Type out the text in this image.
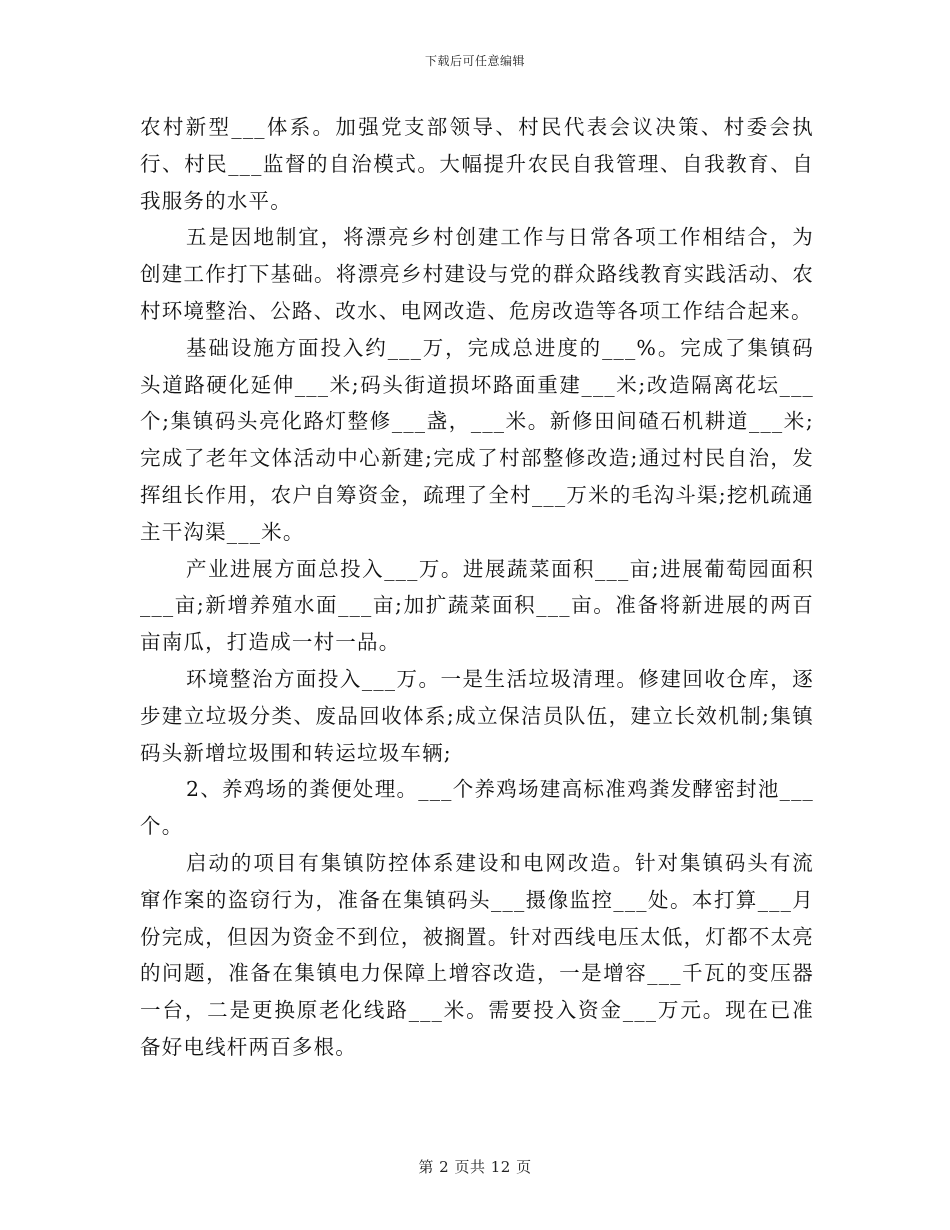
下载后可任意编辑

农村新型___体系。加强党支部领导、村民代表会议决策、村委会执行、村民___监督的自治模式。大幅提升农民自我管理、自我教育、自我服务的水平。

五是因地制宜，将漂亮乡村创建工作与日常各项工作相结合，为创建工作打下基础。将漂亮乡村建设与党的群众路线教育实践活动、农村环境整治、公路、改水、电网改造、危房改造等各项工作结合起来。

基础设施方面投入约___万，完成总进度的___%。完成了集镇码头道路硬化延伸___米;码头街道损坏路面重建___米;改造隔离花坛___个;集镇码头亮化路灯整修___盏，___米。新修田间碴石机耕道___米;完成了老年文体活动中心新建;完成了村部整修改造;通过村民自治，发挥组长作用，农户自筹资金，疏理了全村___万米的毛沟斗渠;挖机疏通主干沟渠___米。

产业进展方面总投入___万。进展蔬菜面积___亩;进展葡萄园面积___亩;新增养殖水面___亩;加扩蔬菜面积___亩。准备将新进展的两百亩南瓜，打造成一村一品。

环境整治方面投入___万。一是生活垃圾清理。修建回收仓库，逐步建立垃圾分类、废品回收体系;成立保洁员队伍，建立长效机制;集镇码头新增垃圾围和转运垃圾车辆;

2、养鸡场的粪便处理。___个养鸡场建高标准鸡粪发酵密封池___个。

启动的项目有集镇防控体系建设和电网改造。针对集镇码头有流窜作案的盗窃行为，准备在集镇码头___摄像监控___处。本打算___月份完成，但因为资金不到位，被搁置。针对西线电压太低，灯都不太亮的问题，准备在集镇电力保障上增容改造，一是增容___千瓦的变压器一台，二是更换原老化线路___米。需要投入资金___万元。现在已准备好电线杆两百多根。

第 2 页共 12 页
